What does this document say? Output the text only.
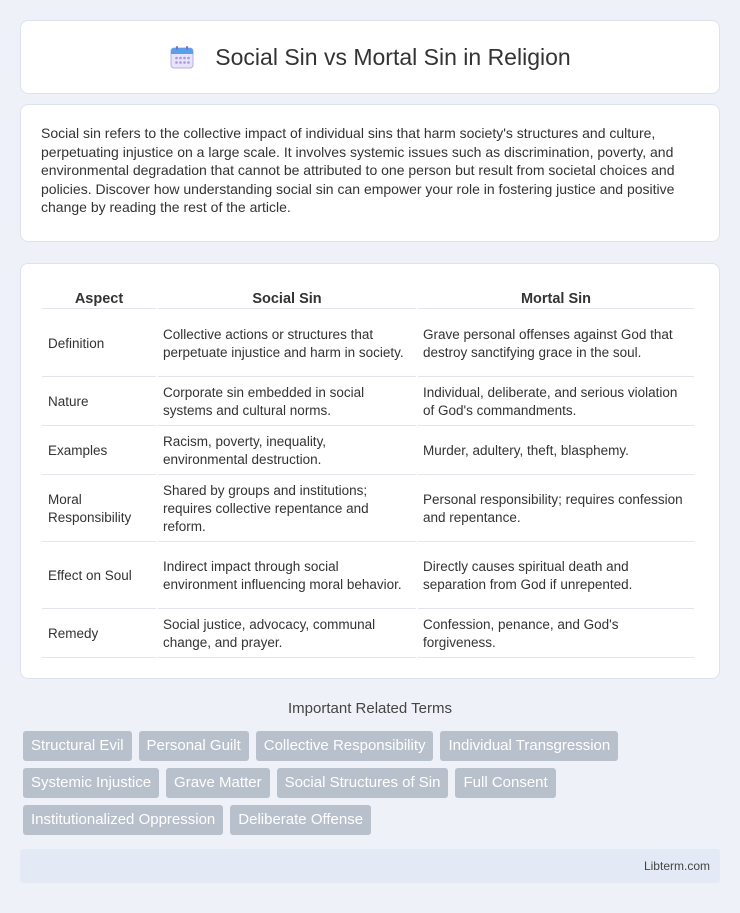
Social Sin vs Mortal Sin in Religion

Social sin refers to the collective impact of individual sins that harm society's structures and culture, perpetuating injustice on a large scale. It involves systemic issues such as discrimination, poverty, and environmental degradation that cannot be attributed to one person but result from societal choices and policies. Discover how understanding social sin can empower your role in fostering justice and positive change by reading the rest of the article.

Aspect	Social Sin	Mortal Sin
Definition	Collective actions or structures that perpetuate injustice and harm in society.	Grave personal offenses against God that destroy sanctifying grace in the soul.
Nature	Corporate sin embedded in social systems and cultural norms.	Individual, deliberate, and serious violation of God's commandments.
Examples	Racism, poverty, inequality, environmental destruction.	Murder, adultery, theft, blasphemy.
Moral Responsibility	Shared by groups and institutions; requires collective repentance and reform.	Personal responsibility; requires confession and repentance.
Effect on Soul	Indirect impact through social environment influencing moral behavior.	Directly causes spiritual death and separation from God if unrepented.
Remedy	Social justice, advocacy, communal change, and prayer.	Confession, penance, and God's forgiveness.
Important Related Terms
Structural Evil	Personal Guilt	Collective Responsibility	Individual Transgression
Systemic Injustice	Grave Matter	Social Structures of Sin	Full Consent
Institutionalized Oppression	Deliberate Offense
Libterm.com
